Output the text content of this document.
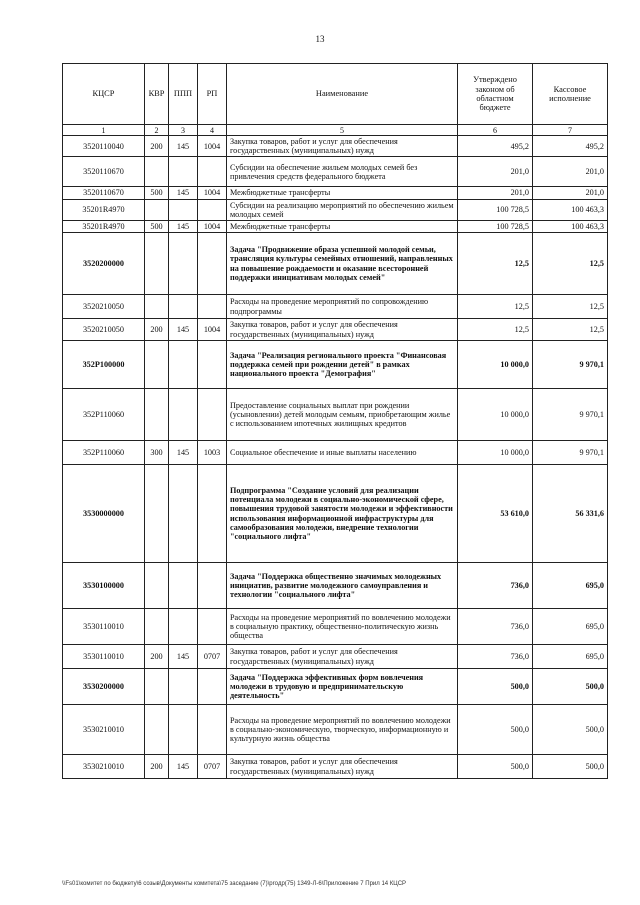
13
КЦСР	КВР	ППП	РП	Наименование	Утверждено законом об областном бюджете	Кассовое исполнение
1	2	3	4	5	6	7
3520110040	200	145	1004	Закупка товаров, работ и услуг для обеспечения государственных (муниципальных) нужд	495,2	495,2
3520110670				Субсидии на обеспечение жильем молодых семей без привлечения средств федерального бюджета	201,0	201,0
3520110670	500	145	1004	Межбюджетные трансферты	201,0	201,0
35201R4970				Субсидии на реализацию мероприятий по обеспечению жильем молодых семей	100 728,5	100 463,3
35201R4970	500	145	1004	Межбюджетные трансферты	100 728,5	100 463,3
3520200000				Задача "Продвижение образа успешной молодой семьи, трансляция культуры семейных отношений, направленных на повышение рождаемости и оказание всесторонней поддержки инициативам молодых семей"	12,5	12,5
3520210050				Расходы на проведение мероприятий по сопровождению подпрограммы	12,5	12,5
3520210050	200	145	1004	Закупка товаров, работ и услуг для обеспечения государственных (муниципальных) нужд	12,5	12,5
352P100000				Задача "Реализация регионального проекта "Финансовая поддержка семей при рождении детей" в рамках национального проекта "Демография"	10 000,0	9 970,1
352P110060				Предоставление социальных выплат при рождении (усыновлении) детей молодым семьям, приобретающим жилье с использованием ипотечных жилищных кредитов	10 000,0	9 970,1
352P110060	300	145	1003	Социальное обеспечение и иные выплаты населению	10 000,0	9 970,1
3530000000				Подпрограмма "Создание условий для реализации потенциала молодежи в социально-экономической сфере, повышения трудовой занятости молодежи и эффективности использования информационной инфраструктуры для самообразования молодежи, внедрение технологии "социального лифта"	53 610,0	56 331,6
3530100000				Задача "Поддержка общественно значимых молодежных инициатив, развитие молодежного самоуправления и технологии "социального лифта"	736,0	695,0
3530110010				Расходы на проведение мероприятий по вовлечению молодежи в социальную практику, общественно-политическую жизнь общества	736,0	695,0
3530110010	200	145	0707	Закупка товаров, работ и услуг для обеспечения государственных (муниципальных) нужд	736,0	695,0
3530200000				Задача "Поддержка эффективных форм вовлечения молодежи в трудовую и предпринимательскую деятельность"	500,0	500,0
3530210010				Расходы на проведение мероприятий по вовлечению молодежи в социально-экономическую, творческую, информационную и культурную жизнь общества	500,0	500,0
3530210010	200	145	0707	Закупка товаров, работ и услуг для обеспечения государственных (муниципальных) нужд	500,0	500,0
\\Fs01\комитет по бюджету\6 созыв\Документы комитета\75 заседание (7)\proдр(75) 1349-Л-6\Приложение 7 Прил 14 КЦСР
